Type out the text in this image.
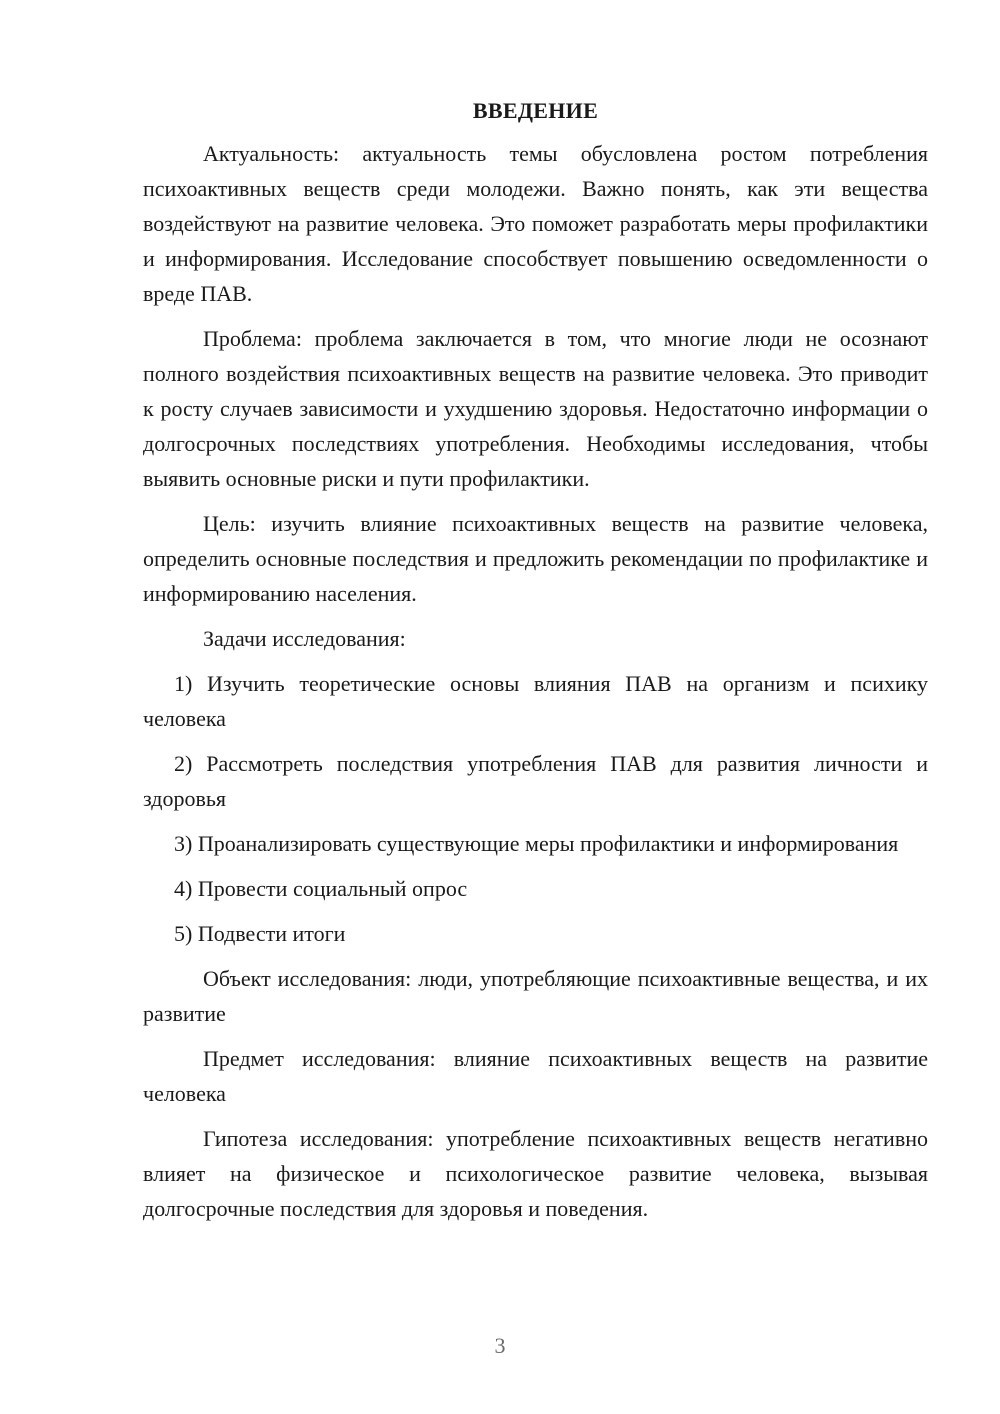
ВВЕДЕНИЕ

Актуальность: актуальность темы обусловлена ростом потребления психоактивных веществ среди молодежи. Важно понять, как эти вещества воздействуют на развитие человека. Это поможет разработать меры профилактики и информирования. Исследование способствует повышению осведомленности о вреде ПАВ.

Проблема: проблема заключается в том, что многие люди не осознают полного воздействия психоактивных веществ на развитие человека. Это приводит к росту случаев зависимости и ухудшению здоровья. Недостаточно информации о долгосрочных последствиях употребления. Необходимы исследования, чтобы выявить основные риски и пути профилактики.

Цель: изучить влияние психоактивных веществ на развитие человека, определить основные последствия и предложить рекомендации по профилактике и информированию населения.

Задачи исследования:

1) Изучить теоретические основы влияния ПАВ на организм и психику человека

2) Рассмотреть последствия употребления ПАВ для развития личности и здоровья

3) Проанализировать существующие меры профилактики и информирования

4) Провести социальный опрос

5) Подвести итоги

Объект исследования: люди, употребляющие психоактивные вещества, и их развитие

Предмет исследования: влияние психоактивных веществ на развитие человека

Гипотеза исследования: употребление психоактивных веществ негативно влияет на физическое и психологическое развитие человека, вызывая долгосрочные последствия для здоровья и поведения.

3
